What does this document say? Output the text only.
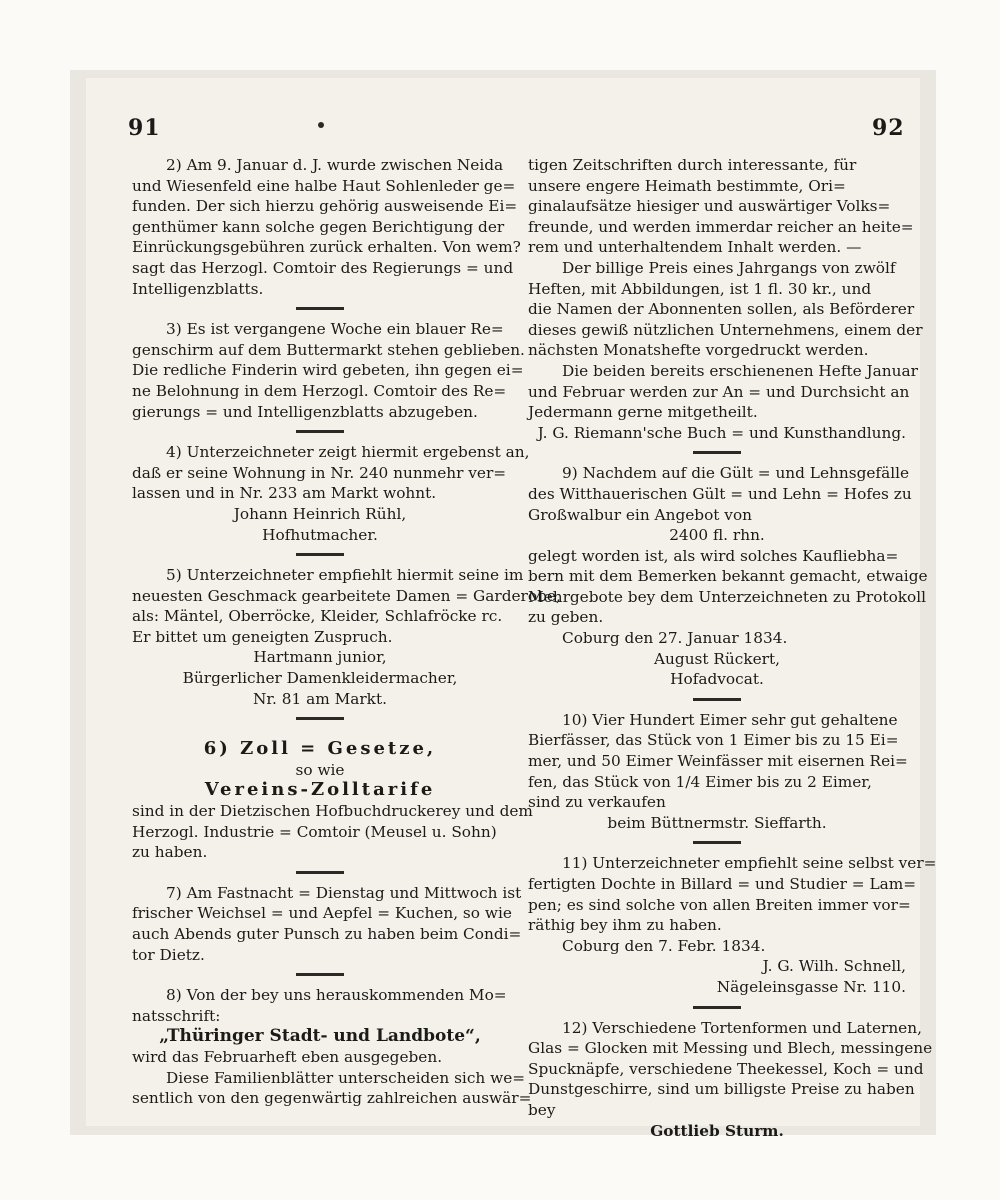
91	92
2) Am 9. Januar d. J. wurde zwischen Neida
und Wiesenfeld eine halbe Haut Sohlenleder ge=
funden. Der sich hierzu gehörig ausweisende Ei=
genthümer kann solche gegen Berichtigung der
Einrückungsgebühren zurück erhalten. Von wem?
sagt das Herzogl. Comtoir des Regierungs = und
Intelligenzblatts.
3) Es ist vergangene Woche ein blauer Re=
genschirm auf dem Buttermarkt stehen geblieben.
Die redliche Finderin wird gebeten, ihn gegen ei=
ne Belohnung in dem Herzogl. Comtoir des Re=
gierungs = und Intelligenzblatts abzugeben.
4) Unterzeichneter zeigt hiermit ergebenst an,
daß er seine Wohnung in Nr. 240 nunmehr ver=
lassen und in Nr. 233 am Markt wohnt.
Johann Heinrich Rühl,
Hofhutmacher.
5) Unterzeichneter empfiehlt hiermit seine im
neuesten Geschmack gearbeitete Damen = Garderobe,
als: Mäntel, Oberröcke, Kleider, Schlafröcke rc.
Er bittet um geneigten Zuspruch.
Hartmann junior,
Bürgerlicher Damenkleidermacher,
Nr. 81 am Markt.
6) Zoll = Gesetze,
so wie
Vereins-Zolltarife
sind in der Dietzischen Hofbuchdruckerey und dem
Herzogl. Industrie = Comtoir (Meusel u. Sohn)
zu haben.
7) Am Fastnacht = Dienstag und Mittwoch ist
frischer Weichsel = und Aepfel = Kuchen, so wie
auch Abends guter Punsch zu haben beim Condi=
tor Dietz.
8) Von der bey uns herauskommenden Mo=
natsschrift:
„Thüringer Stadt- und Landbote“,
wird das Februarheft eben ausgegeben.
Diese Familienblätter unterscheiden sich we=
sentlich von den gegenwärtig zahlreichen auswär=
tigen Zeitschriften durch interessante, für
unsere engere Heimath bestimmte, Ori=
ginalaufsätze hiesiger und auswärtiger Volks=
freunde, und werden immerdar reicher an heite=
rem und unterhaltendem Inhalt werden. —
Der billige Preis eines Jahrgangs von zwölf
Heften, mit Abbildungen, ist 1 fl. 30 kr., und
die Namen der Abonnenten sollen, als Beförderer
dieses gewiß nützlichen Unternehmens, einem der
nächsten Monatshefte vorgedruckt werden.
Die beiden bereits erschienenen Hefte Januar
und Februar werden zur An = und Durchsicht an
Jedermann gerne mitgetheilt.
J. G. Riemann'sche Buch = und Kunsthandlung.
9) Nachdem auf die Gült = und Lehnsgefälle
des Witthauerischen Gült = und Lehn = Hofes zu
Großwalbur ein Angebot von
2400 fl. rhn.
gelegt worden ist, als wird solches Kaufliebha=
bern mit dem Bemerken bekannt gemacht, etwaige
Mehrgebote bey dem Unterzeichneten zu Protokoll
zu geben.
Coburg den 27. Januar 1834.
August Rückert,
Hofadvocat.
10) Vier Hundert Eimer sehr gut gehaltene
Bierfässer, das Stück von 1 Eimer bis zu 15 Ei=
mer, und 50 Eimer Weinfässer mit eisernen Rei=
fen, das Stück von 1/4 Eimer bis zu 2 Eimer,
sind zu verkaufen
beim Büttnermstr. Sieffarth.
11) Unterzeichneter empfiehlt seine selbst ver=
fertigten Dochte in Billard = und Studier = Lam=
pen; es sind solche von allen Breiten immer vor=
räthig bey ihm zu haben.
Coburg den 7. Febr. 1834.
J. G. Wilh. Schnell,
Nägeleinsgasse Nr. 110.
12) Verschiedene Tortenformen und Laternen,
Glas = Glocken mit Messing und Blech, messingene
Spucknäpfe, verschiedene Theekessel, Koch = und
Dunstgeschirre, sind um billigste Preise zu haben
bey
Gottlieb Sturm.
